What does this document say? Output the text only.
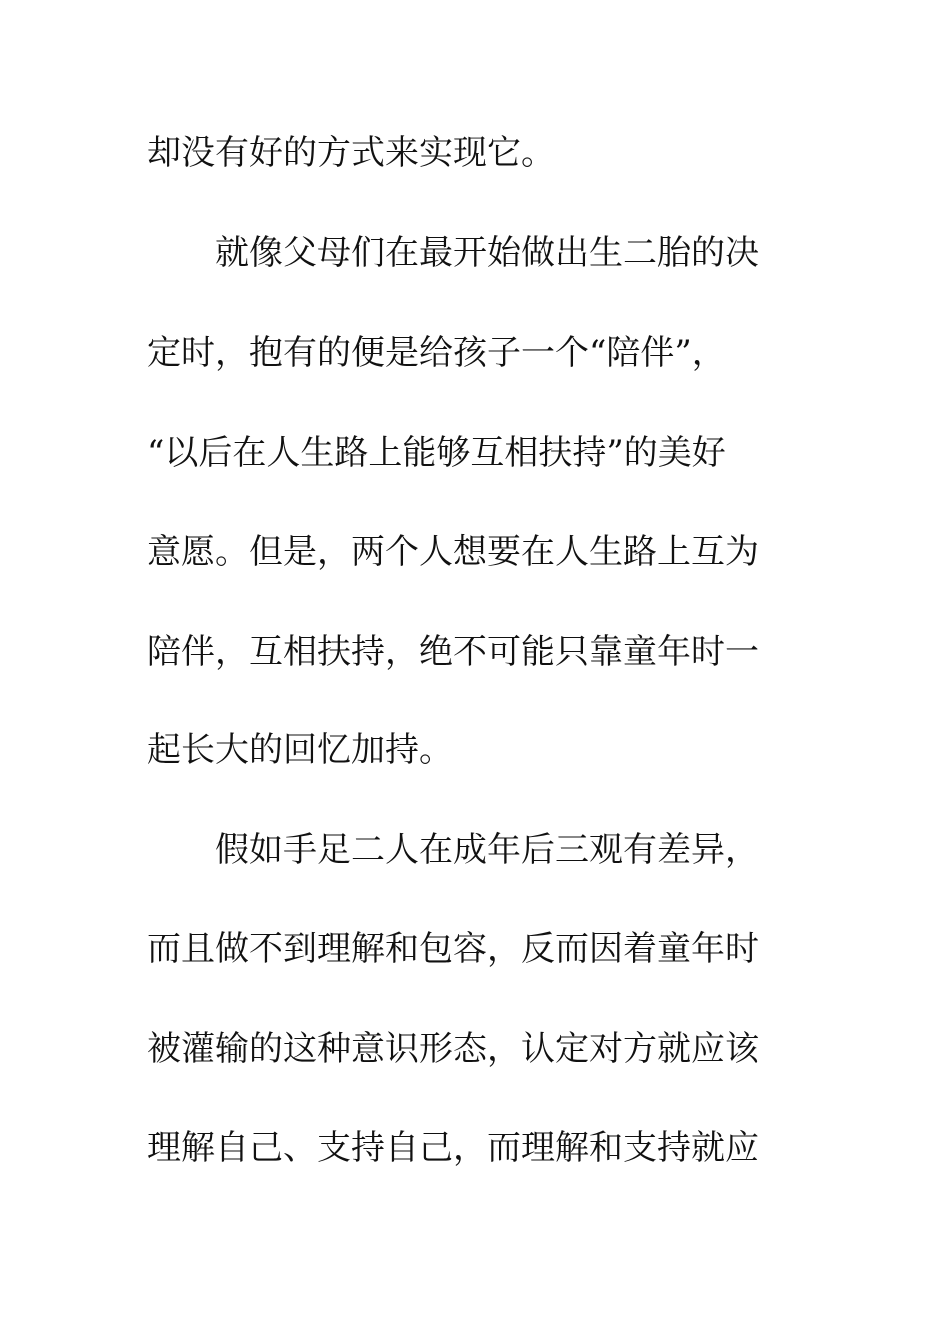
却没有好的方式来实现它。
就像父母们在最开始做出生二胎的决
定时，抱有的便是给孩子一个“陪伴”，
“以后在人生路上能够互相扶持”的美好
意愿。但是，两个人想要在人生路上互为
陪伴，互相扶持，绝不可能只靠童年时一
起长大的回忆加持。
假如手足二人在成年后三观有差异，
而且做不到理解和包容，反而因着童年时
被灌输的这种意识形态，认定对方就应该
理解自己、支持自己，而理解和支持就应
